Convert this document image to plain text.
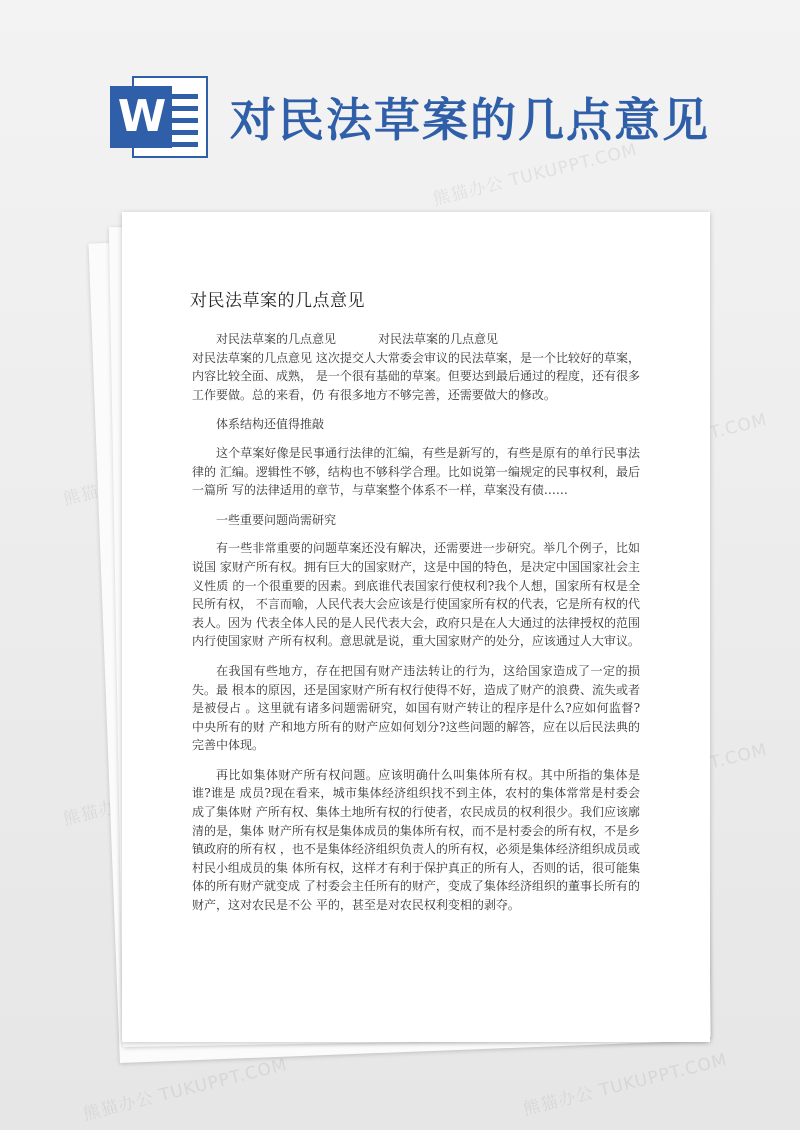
W 对民法草案的几点意见
对民法草案的几点意见
对民法草案的几点意见	对民法草案的几点意见

对民法草案的几点意见 这次提交人大常委会审议的民法草案，是一个比较好的草案，内容比较全面、成熟， 是一个很有基础的草案。但要达到最后通过的程度，还有很多工作要做。总的来看，仍 有很多地方不够完善，还需要做大的修改。

体系结构还值得推敲

这个草案好像是民事通行法律的汇编，有些是新写的，有些是原有的单行民事法律的 汇编。逻辑性不够，结构也不够科学合理。比如说第一编规定的民事权利，最后一篇所 写的法律适用的章节，与草案整个体系不一样，草案没有债……

一些重要问题尚需研究

有一些非常重要的问题草案还没有解决，还需要进一步研究。举几个例子，比如说国 家财产所有权。拥有巨大的国家财产，这是中国的特色，是决定中国国家社会主义性质 的一个很重要的因素。到底谁代表国家行使权利?我个人想，国家所有权是全民所有权， 不言而喻，人民代表大会应该是行使国家所有权的代表，它是所有权的代表人。因为 代表全体人民的是人民代表大会，政府只是在人大通过的法律授权的范围内行使国家财 产所有权利。意思就是说，重大国家财产的处分，应该通过人大审议。

在我国有些地方，存在把国有财产违法转让的行为，这给国家造成了一定的损失。最 根本的原因，还是国家财产所有权行使得不好，造成了财产的浪费、流失或者是被侵占 。这里就有诸多问题需研究，如国有财产转让的程序是什么?应如何监督?中央所有的财 产和地方所有的财产应如何划分?这些问题的解答，应在以后民法典的完善中体现。

再比如集体财产所有权问题。应该明确什么叫集体所有权。其中所指的集体是谁?谁是 成员?现在看来，城市集体经济组织找不到主体，农村的集体常常是村委会成了集体财 产所有权、集体土地所有权的行使者，农民成员的权利很少。我们应该廓清的是，集体 财产所有权是集体成员的集体所有权，而不是村委会的所有权，不是乡镇政府的所有权 ，也不是集体经济组织负责人的所有权，必须是集体经济组织成员或村民小组成员的集 体所有权，这样才有利于保护真正的所有人，否则的话，很可能集体的所有财产就变成 了村委会主任所有的财产，变成了集体经济组织的董事长所有的财产，这对农民是不公 平的，甚至是对农民权利变相的剥夺。
